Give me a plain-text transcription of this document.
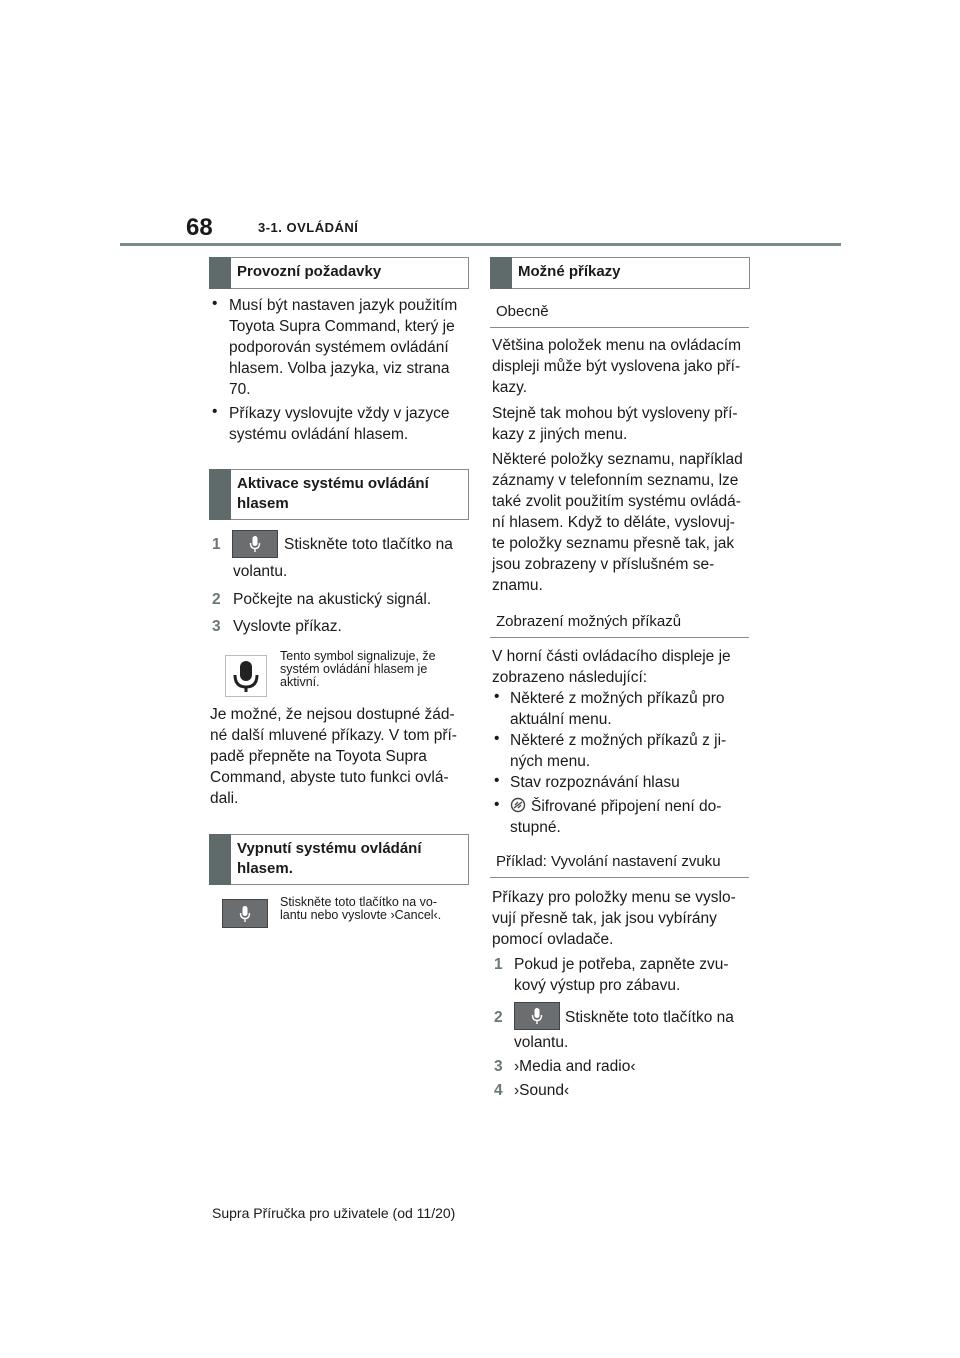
68	3-1. OVLÁDÁNÍ
Provozní požadavky
• Musí být nastaven jazyk použitím
Toyota Supra Command, který je
podporován systémem ovládání
hlasem. Volba jazyka, viz strana
70.
• Příkazy vyslovujte vždy v jazyce
systému ovládání hlasem.
Aktivace systému ovládání
hlasem
1	Stiskněte toto tlačítko na
volantu.
2 Počkejte na akustický signál.
3 Vyslovte příkaz.
Tento symbol signalizuje, že
systém ovládání hlasem je
aktivní.
Je možné, že nejsou dostupné žád-
né další mluvené příkazy. V tom pří-
padě přepněte na Toyota Supra
Command, abyste tuto funkci ovlá-
dali.
Vypnutí systému ovládání
hlasem.
Stiskněte toto tlačítko na vo-
lantu nebo vyslovte ›Cancel‹.
Možné příkazy
Obecně
Většina položek menu na ovládacím
displeji může být vyslovena jako pří-
kazy.
Stejně tak mohou být vysloveny pří-
kazy z jiných menu.
Některé položky seznamu, například
záznamy v telefonním seznamu, lze
také zvolit použitím systému ovládá-
ní hlasem. Když to děláte, vyslovuj-
te položky seznamu přesně tak, jak
jsou zobrazeny v příslušném se-
znamu.
Zobrazení možných příkazů
V horní části ovládacího displeje je
zobrazeno následující:
• Některé z možných příkazů pro
aktuální menu.
• Některé z možných příkazů z ji-
ných menu.
• Stav rozpoznávání hlasu
• Šifrované připojení není do-
stupné.
Příklad: Vyvolání nastavení zvuku
Příkazy pro položky menu se vyslo-
vují přesně tak, jak jsou vybírány
pomocí ovladače.
1 Pokud je potřeba, zapněte zvu-
kový výstup pro zábavu.
2	Stiskněte toto tlačítko na
volantu.
3 ›Media and radio‹
4 ›Sound‹
Supra Příručka pro uživatele (od 11/20)
